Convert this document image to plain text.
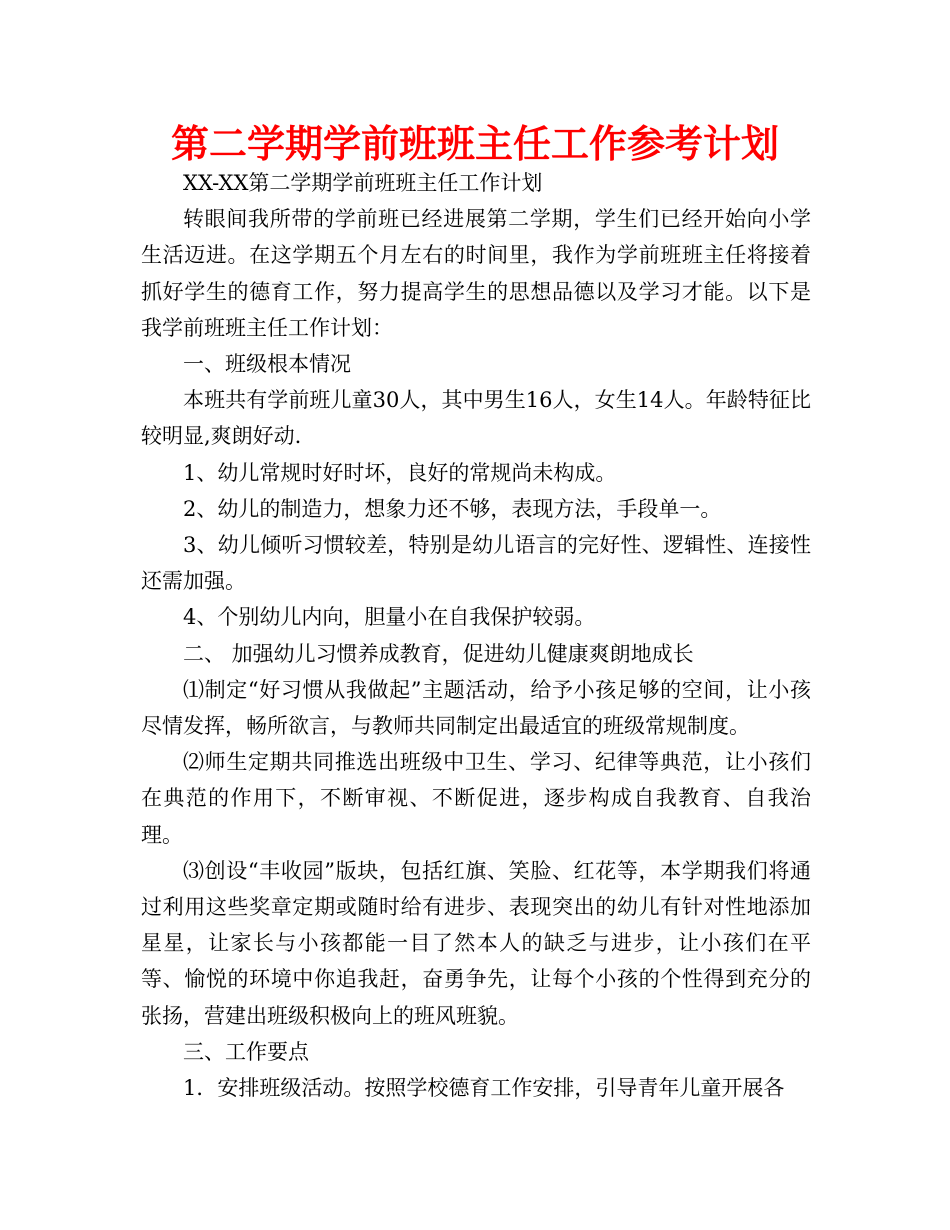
第二学期学前班班主任工作参考计划

XX-XX第二学期学前班班主任工作计划

转眼间我所带的学前班已经进展第二学期，学生们已经开始向小学生活迈进。在这学期五个月左右的时间里，我作为学前班班主任将接着抓好学生的德育工作，努力提高学生的思想品德以及学习才能。以下是我学前班班主任工作计划：

一、班级根本情况

本班共有学前班儿童30人，其中男生16人，女生14人。年龄特征比较明显,爽朗好动.

1、幼儿常规时好时坏，良好的常规尚未构成。

2、幼儿的制造力，想象力还不够，表现方法，手段单一。

3、幼儿倾听习惯较差，特别是幼儿语言的完好性、逻辑性、连接性还需加强。

4、个别幼儿内向，胆量小在自我保护较弱。

二、 加强幼儿习惯养成教育，促进幼儿健康爽朗地成长

⑴制定“好习惯从我做起”主题活动，给予小孩足够的空间，让小孩尽情发挥，畅所欲言，与教师共同制定出最适宜的班级常规制度。

⑵师生定期共同推选出班级中卫生、学习、纪律等典范，让小孩们在典范的作用下，不断审视、不断促进，逐步构成自我教育、自我治理。

⑶创设“丰收园”版块，包括红旗、笑脸、红花等，本学期我们将通过利用这些奖章定期或随时给有进步、表现突出的幼儿有针对性地添加星星，让家长与小孩都能一目了然本人的缺乏与进步，让小孩们在平等、愉悦的环境中你追我赶，奋勇争先，让每个小孩的个性得到充分的张扬，营建出班级积极向上的班风班貌。

三、工作要点

1．安排班级活动。按照学校德育工作安排，引导青年儿童开展各
